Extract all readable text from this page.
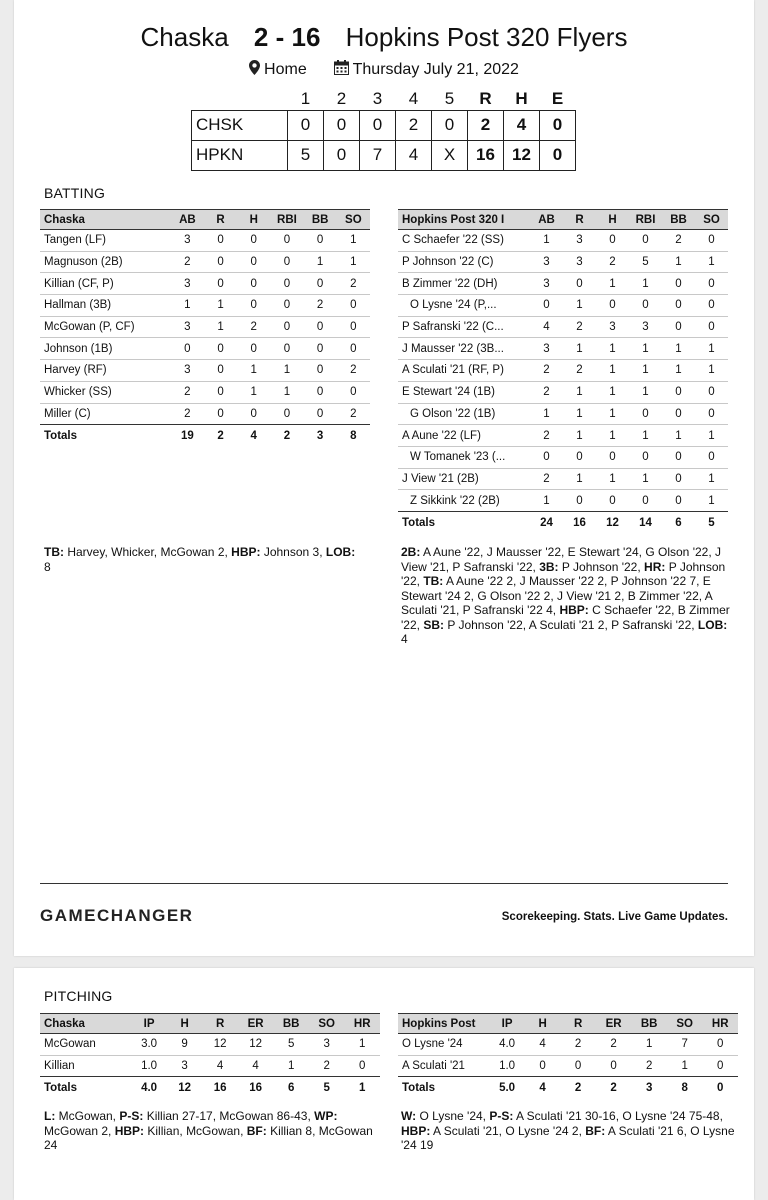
Chaska 2 - 16 Hopkins Post 320 Flyers
Home	Thursday July 21, 2022
	1	2	3	4	5	R	H	E
CHSK	0	0	0	2	0	2	4	0
HPKN	5	0	7	4	X	16	12	0
BATTING
Chaska	AB	R	H	RBI	BB	SO
Tangen (LF)	3	0	0	0	0	1
Magnuson (2B)	2	0	0	0	1	1
Killian (CF, P)	3	0	0	0	0	2
Hallman (3B)	1	1	0	0	2	0
McGowan (P, CF)	3	1	2	0	0	0
Johnson (1B)	0	0	0	0	0	0
Harvey (RF)	3	0	1	1	0	2
Whicker (SS)	2	0	1	1	0	0
Miller (C)	2	0	0	0	0	2
Totals	19	2	4	2	3	8
Hopkins Post 320 I	AB	R	H	RBI	BB	SO
C Schaefer '22 (SS)	1	3	0	0	2	0
P Johnson '22 (C)	3	3	2	5	1	1
B Zimmer '22 (DH)	3	0	1	1	0	0
O Lysne '24 (P,...	0	1	0	0	0	0
P Safranski '22 (C...	4	2	3	3	0	0
J Mausser '22 (3B...	3	1	1	1	1	1
A Sculati '21 (RF, P)	2	2	1	1	1	1
E Stewart '24 (1B)	2	1	1	1	0	0
G Olson '22 (1B)	1	1	1	0	0	0
A Aune '22 (LF)	2	1	1	1	1	1
W Tomanek '23 (...	0	0	0	0	0	0
J View '21 (2B)	2	1	1	1	0	1
Z Sikkink '22 (2B)	1	0	0	0	0	1
Totals	24	16	12	14	6	5
TB: Harvey, Whicker, McGowan 2, HBP: Johnson 3, LOB: 8
2B: A Aune '22, J Mausser '22, E Stewart '24, G Olson '22, J View '21, P Safranski '22, 3B: P Johnson '22, HR: P Johnson '22, TB: A Aune '22 2, J Mausser '22 2, P Johnson '22 7, E Stewart '24 2, G Olson '22 2, J View '21 2, B Zimmer '22, A Sculati '21, P Safranski '22 4, HBP: C Schaefer '22, B Zimmer '22, SB: P Johnson '22, A Sculati '21 2, P Safranski '22, LOB: 4
GAMECHANGER	Scorekeeping. Stats. Live Game Updates.
PITCHING
Chaska	IP	H	R	ER	BB	SO	HR
McGowan	3.0	9	12	12	5	3	1
Killian	1.0	3	4	4	1	2	0
Totals	4.0	12	16	16	6	5	1
Hopkins Post	IP	H	R	ER	BB	SO	HR
O Lysne '24	4.0	4	2	2	1	7	0
A Sculati '21	1.0	0	0	0	2	1	0
Totals	5.0	4	2	2	3	8	0
L: McGowan, P-S: Killian 27-17, McGowan 86-43, WP: McGowan 2, HBP: Killian, McGowan, BF: Killian 8, McGowan 24
W: O Lysne '24, P-S: A Sculati '21 30-16, O Lysne '24 75-48, HBP: A Sculati '21, O Lysne '24 2, BF: A Sculati '21 6, O Lysne '24 19
